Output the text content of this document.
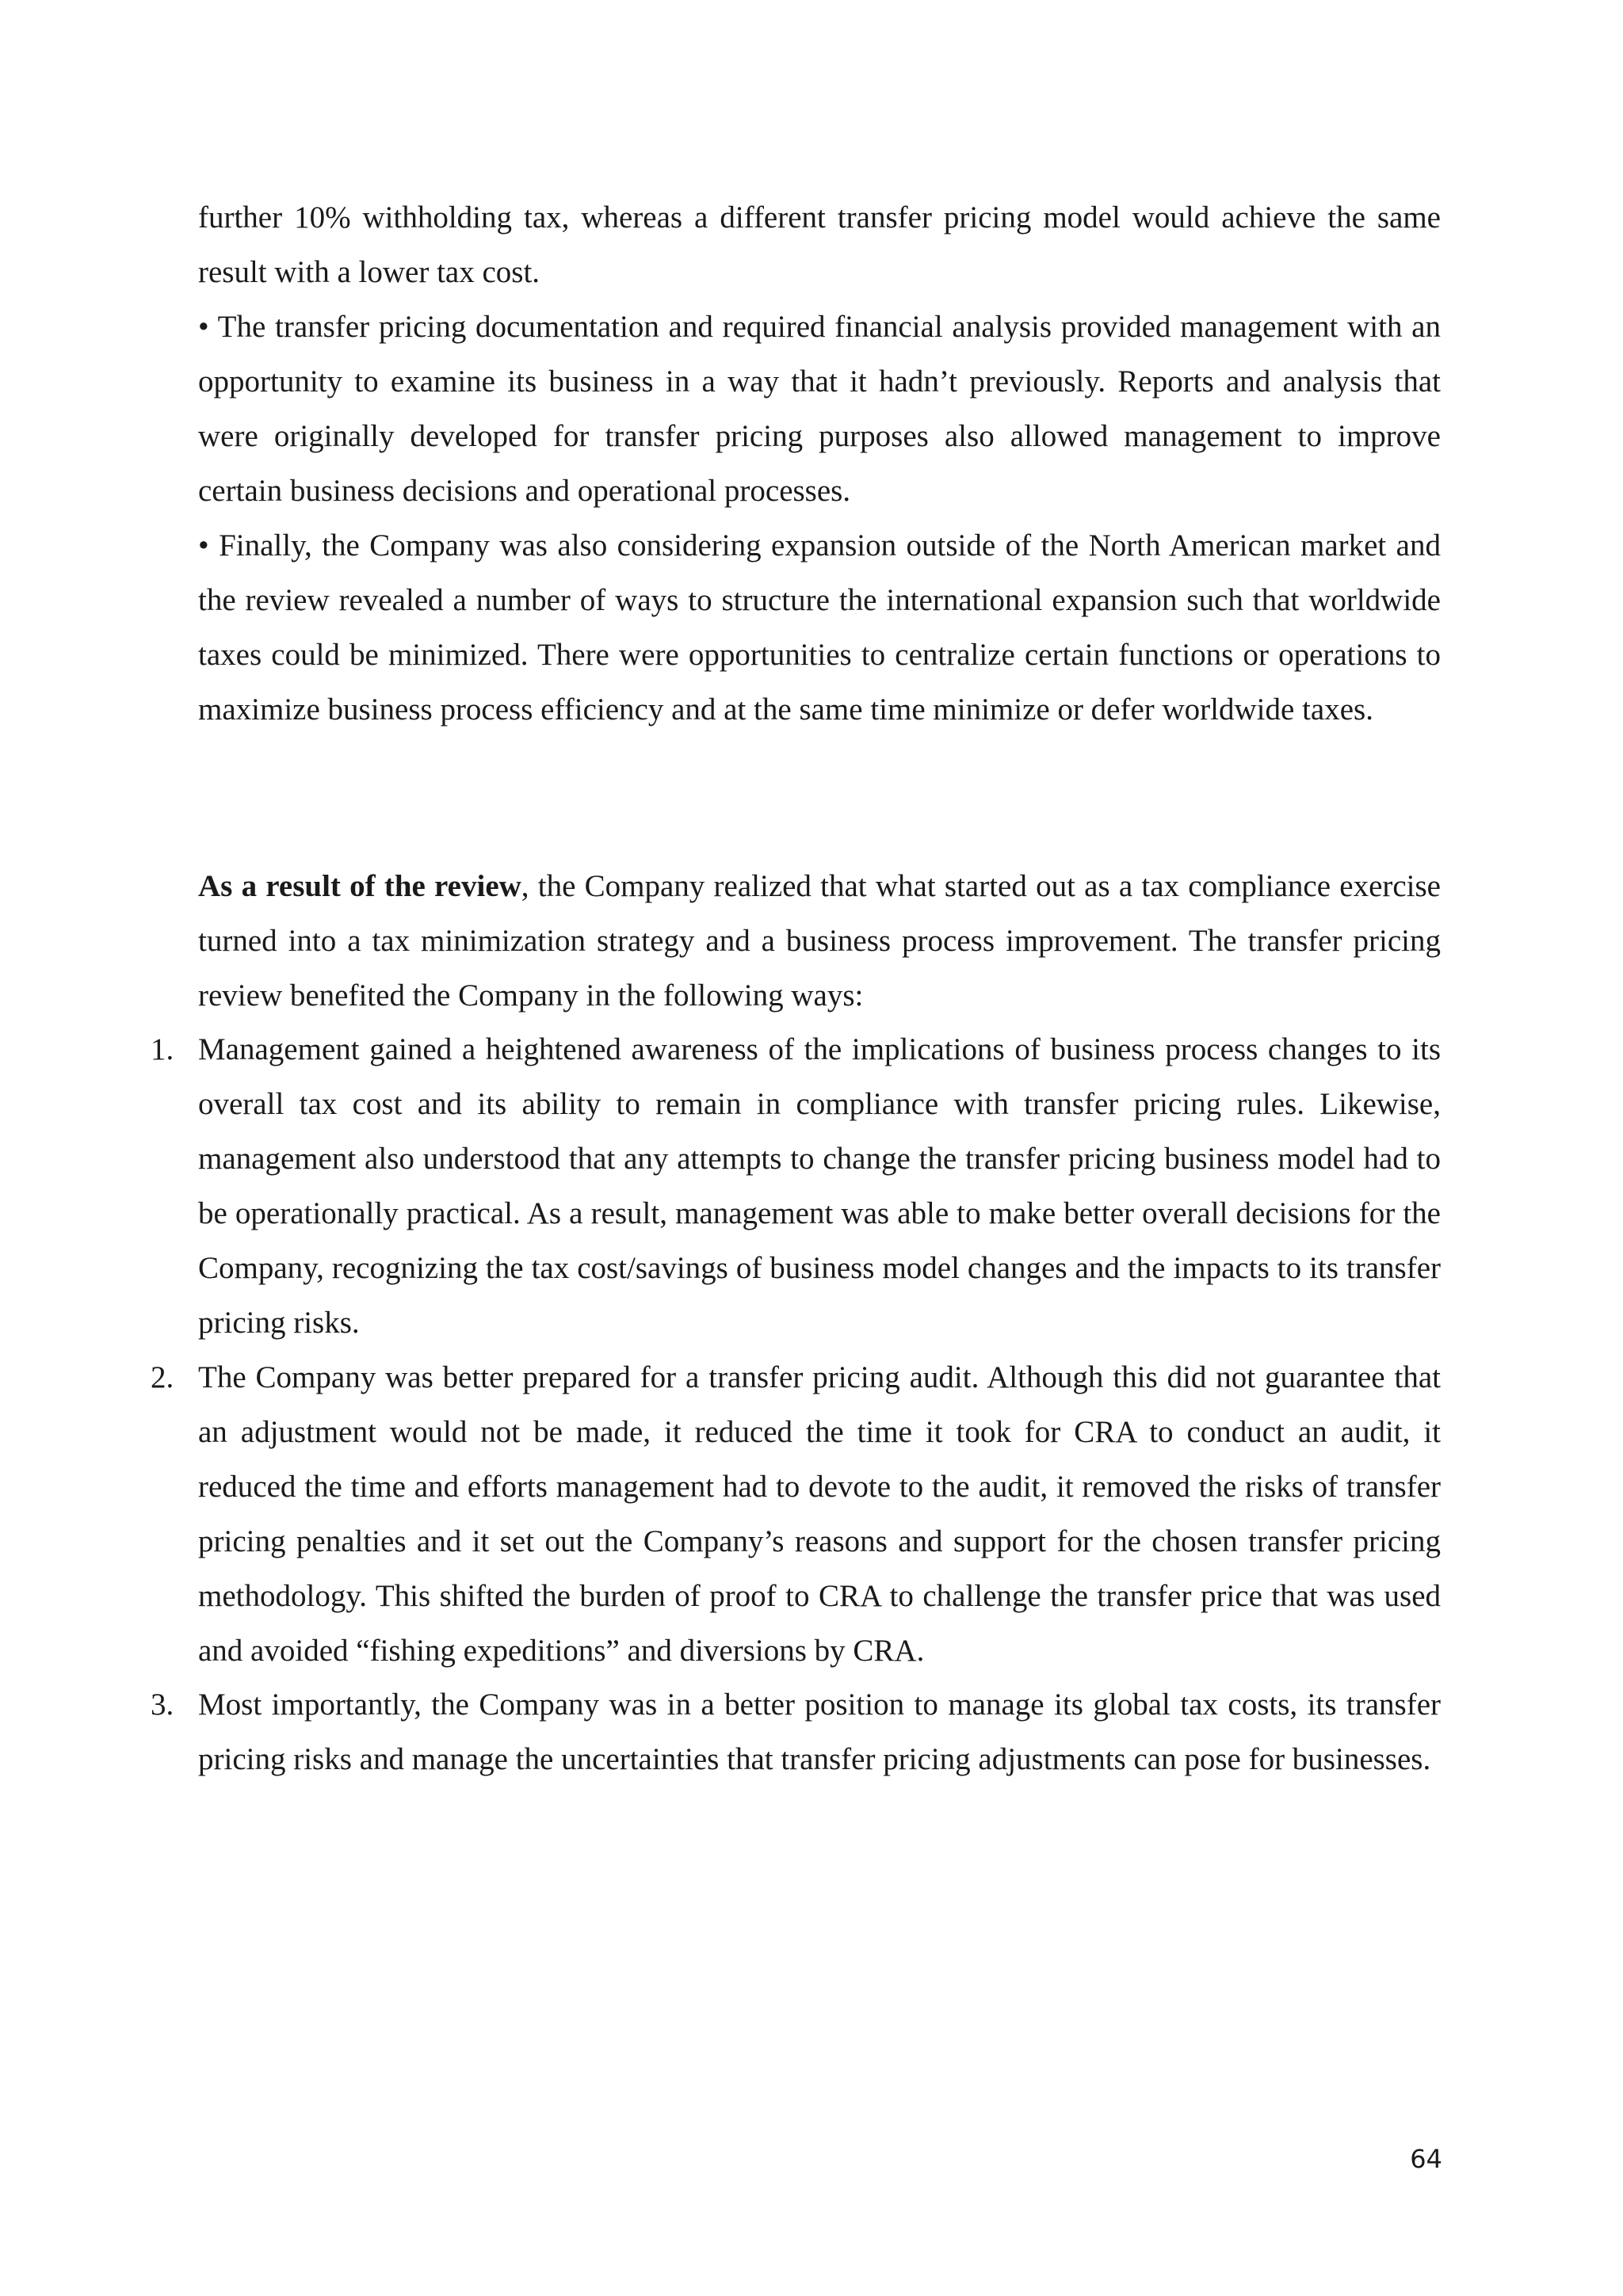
further 10% withholding tax, whereas a different transfer pricing model would achieve the same result with a lower tax cost.

• The transfer pricing documentation and required financial analysis provided management with an opportunity to examine its business in a way that it hadn’t previously. Reports and analysis that were originally developed for transfer pricing purposes also allowed management to improve certain business decisions and operational processes.

• Finally, the Company was also considering expansion outside of the North American market and the review revealed a number of ways to structure the international expansion such that worldwide taxes could be minimized. There were opportunities to centralize certain functions or operations to maximize business process efficiency and at the same time minimize or defer worldwide taxes.

As a result of the review, the Company realized that what started out as a tax compliance exercise turned into a tax minimization strategy and a business process improvement. The transfer pricing review benefited the Company in the following ways:

1. Management gained a heightened awareness of the implications of business process changes to its overall tax cost and its ability to remain in compliance with transfer pricing rules. Likewise, management also understood that any attempts to change the transfer pricing business model had to be operationally practical. As a result, management was able to make better overall decisions for the Company, recognizing the tax cost/savings of business model changes and the impacts to its transfer pricing risks.
2. The Company was better prepared for a transfer pricing audit. Although this did not guarantee that an adjustment would not be made, it reduced the time it took for CRA to conduct an audit, it reduced the time and efforts management had to devote to the audit, it removed the risks of transfer pricing penalties and it set out the Company’s reasons and support for the chosen transfer pricing methodology. This shifted the burden of proof to CRA to challenge the transfer price that was used and avoided “fishing expeditions” and diversions by CRA.
3. Most importantly, the Company was in a better position to manage its global tax costs, its transfer pricing risks and manage the uncertainties that transfer pricing adjustments can pose for businesses.
64
